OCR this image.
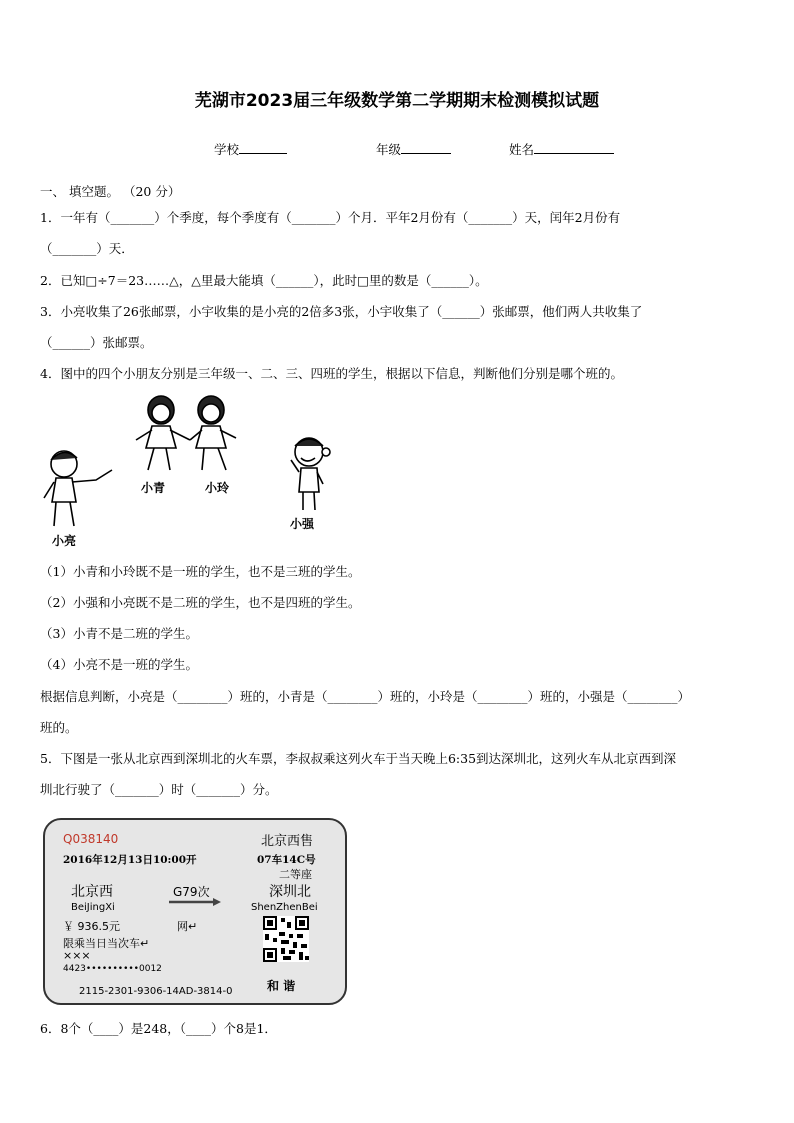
芜湖市2023届三年级数学第二学期期末检测模拟试题
学校	年级	姓名
一、 填空题。 （20 分）
1．一年有（_______）个季度，每个季度有（_______）个月．平年2月份有（_______）天，闰年2月份有
（_______）天．
2．已知□÷7＝23……△，△里最大能填（______），此时□里的数是（______）。
3．小亮收集了26张邮票，小宇收集的是小亮的2倍多3张，小宇收集了（______）张邮票，他们两人共收集了
（______）张邮票。
4．图中的四个小朋友分别是三年级一、二、三、四班的学生，根据以下信息，判断他们分别是哪个班的。
小青	小玲
小强
小亮
（1）小青和小玲既不是一班的学生，也不是三班的学生。
（2）小强和小亮既不是二班的学生，也不是四班的学生。
（3）小青不是二班的学生。
（4）小亮不是一班的学生。
根据信息判断，小亮是（________）班的，小青是（________）班的，小玲是（________）班的，小强是（________）
班的。
5．下图是一张从北京西到深圳北的火车票，李叔叔乘这列火车于当天晚上6:35到达深圳北，这列火车从北京西到深
圳北行驶了（_______）时（_______）分。
Q038140	北京西售
2016年12月13日10:00开	07车14C号
二等座
北京西	G79次	深圳北
BeiJingXi	ShenZhenBei
￥ 936.5元	网↵
限乘当日当次车↵
×××
4423••••••••••0012
2115-2301-9306-14AD-3814-0	和 谐
6．8个（____）是248，（____）个8是1．
